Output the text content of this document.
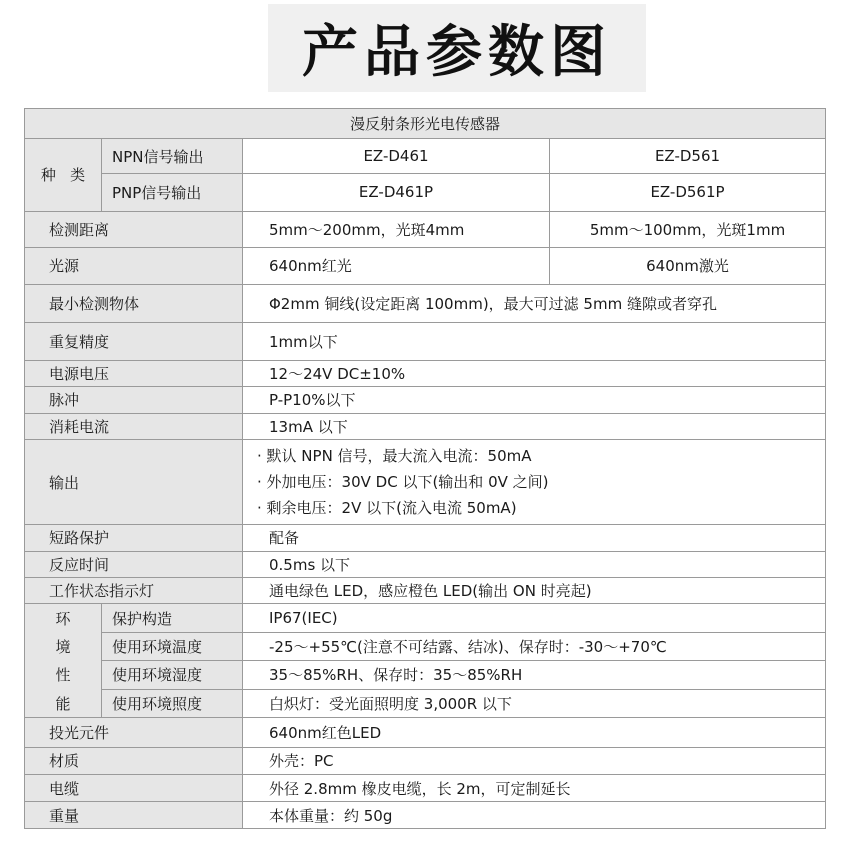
产品参数图
漫反射条形光电传感器			
种 类	NPN信号输出	EZ-D461	EZ-D561
	PNP信号输出	EZ-D461P	EZ-D561P
检测距离		5mm～200mm，光斑4mm	5mm～100mm，光斑1mm
光源		640nm红光	640nm激光
最小检测物体		Φ2mm 铜线(设定距离 100mm)，最大可过滤 5mm 缝隙或者穿孔	
重复精度		1mm以下	
电源电压		12～24V DC±10%	
脉冲		P-P10%以下	
消耗电流		13mA 以下	
输出		· 默认 NPN 信号，最大流入电流：50mA
· 外加电压：30V DC 以下(输出和 0V 之间)
· 剩余电压：2V 以下(流入电流 50mA)	

短路保护		配备	
反应时间		0.5ms 以下	
工作状态指示灯		通电绿色 LED，感应橙色 LED(输出 ON 时亮起)	

环
境
性
能	保护构造	IP67(IEC)	
	使用环境温度	-25～+55℃(注意不可结露、结冰)、保存时：-30～+70℃	
	使用环境湿度	35～85%RH、保存时：35～85%RH	
	使用环境照度	白炽灯：受光面照明度 3,000R 以下	
投光元件		640nm红色LED	
材质		外壳：PC	
电缆		外径 2.8mm 橡皮电缆，长 2m，可定制延长	
重量		本体重量：约 50g	
